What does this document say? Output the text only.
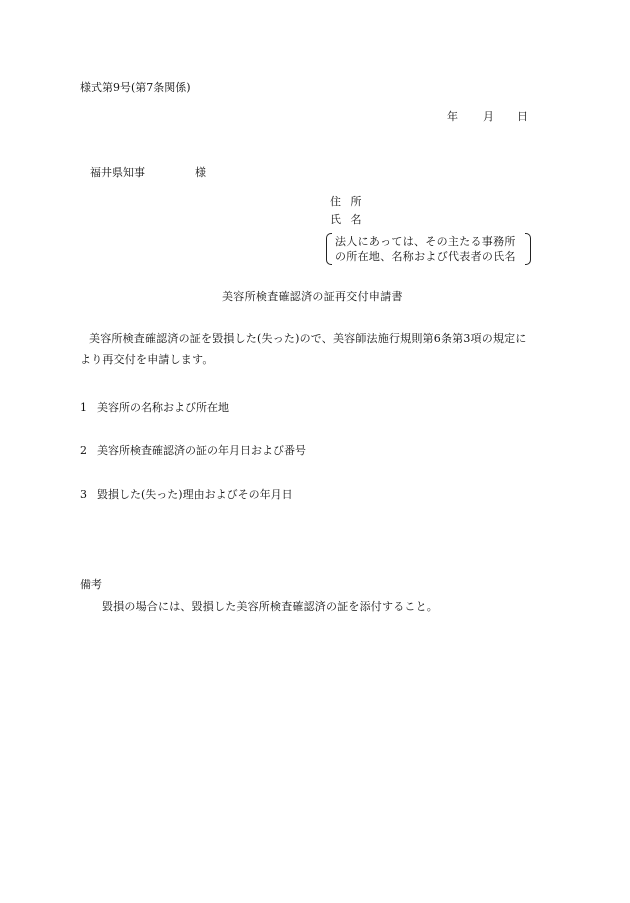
様式第9号(第7条関係)
年 月 日
福井県知事	様
住 所
氏 名
法人にあっては、その主たる事務所
の所在地、名称および代表者の氏名
美容所検査確認済の証再交付申請書
美容所検査確認済の証を毀損した(失った)ので、美容師法施行規則第6条第3項の規定に
より再交付を申請します。
1 美容所の名称および所在地
2 美容所検査確認済の証の年月日および番号
3 毀損した(失った)理由およびその年月日
備考
毀損の場合には、毀損した美容所検査確認済の証を添付すること。
